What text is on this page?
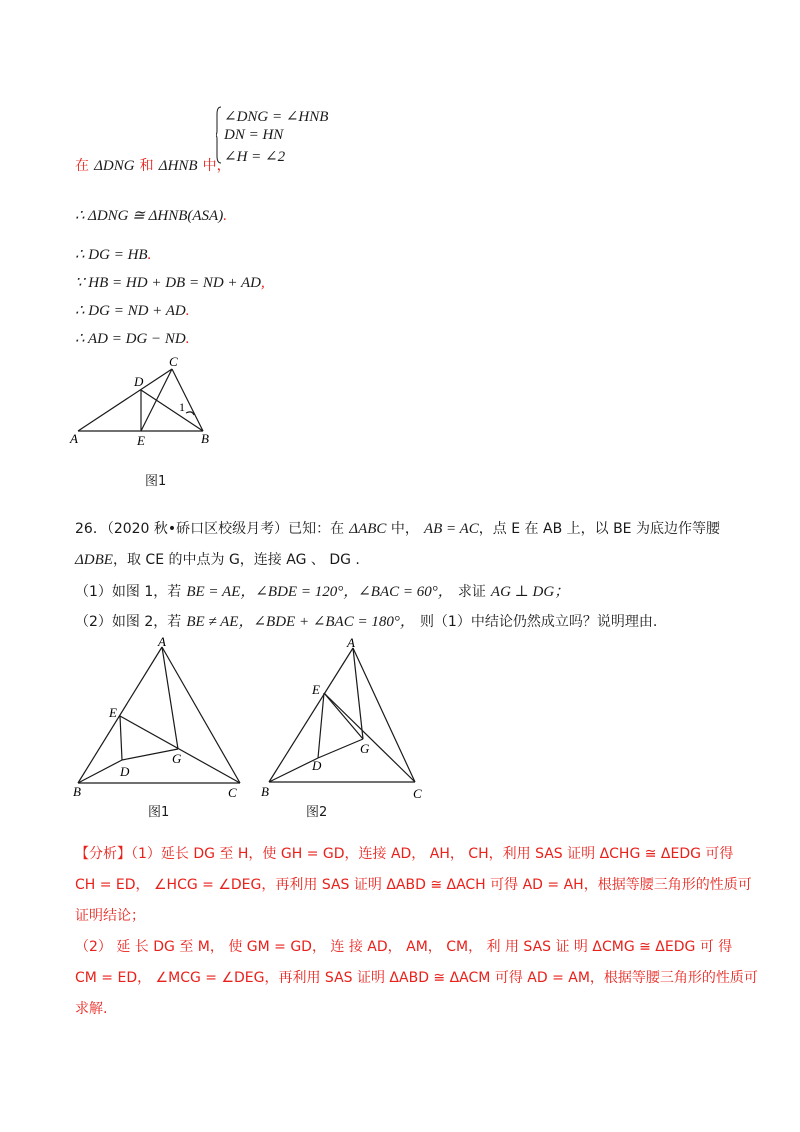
∠DNG = ∠HNB
DN = HN
∠H = ∠2
在 ΔDNG 和 ΔHNB 中，
∴ ΔDNG ≅ ΔHNB(ASA).
∴ DG = HB.
∵ HB = HD + DB = ND + AD,
∴ DG = ND + AD.
∴ AD = DG − ND.
A	B
C
D
E
1
图1
26．（2020 秋•硚口区校级月考）已知：在 ΔABC 中， AB = AC，点 E 在 AB 上，以 BE 为底边作等腰
ΔDBE，取 CE 的中点为 G，连接 AG 、 DG .
（1）如图 1，若 BE = AE，∠BDE = 120°，∠BAC = 60°， 求证 AG ⊥ DG；
（2）如图 2，若 BE ≠ AE，∠BDE + ∠BAC = 180°， 则（1）中结论仍然成立吗？说明理由.
A
B	C
D
E
G
图1
A
B	C
D
E
G
图2
【分析】（1）延长 DG 至 H，使 GH = GD，连接 AD， AH， CH，利用 SAS 证明 ΔCHG ≅ ΔEDG 可得
CH = ED， ∠HCG = ∠DEG，再利用 SAS 证明 ΔABD ≅ ΔACH 可得 AD = AH，根据等腰三角形的性质可
证明结论；
（2） 延 长 DG 至 M， 使 GM = GD， 连 接 AD， AM， CM， 利 用 SAS 证 明 ΔCMG ≅ ΔEDG 可 得
CM = ED， ∠MCG = ∠DEG，再利用 SAS 证明 ΔABD ≅ ΔACM 可得 AD = AM，根据等腰三角形的性质可
求解.
